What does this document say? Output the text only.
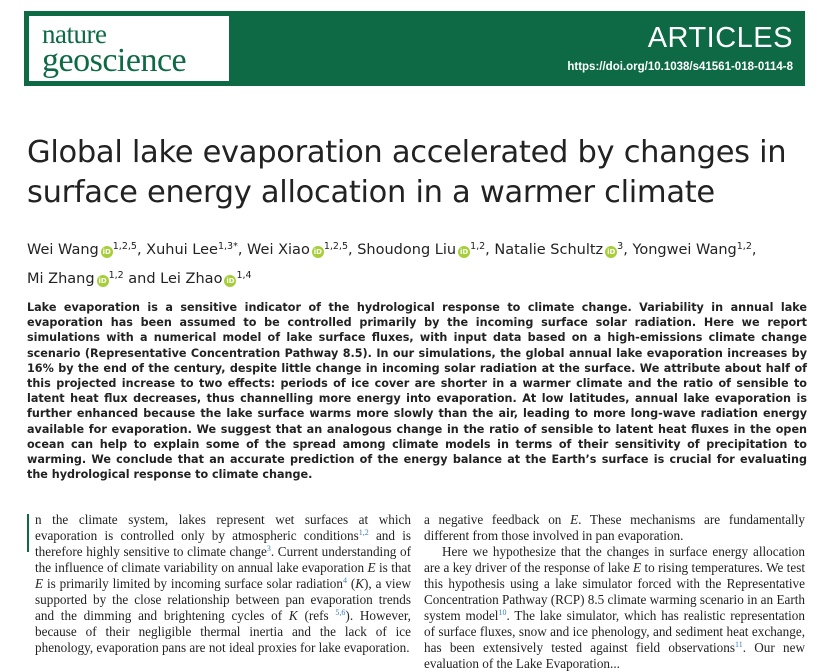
nature
geoscience
ARTICLES
https://doi.org/10.1038/s41561-018-0114-8
Global lake evaporation accelerated by changes in
surface energy allocation in a warmer climate
Wei Wang iD $^{1,2,5}$, Xuhui Lee$^{1,3*}$, Wei Xiao iD $^{1,2,5}$, Shoudong Liu iD $^{1,2}$, Natalie Schultz iD $^3$, Yongwei Wang$^{1,2}$,
Mi Zhang iD $^{1,2}$ and Lei Zhao iD $^{1,4}$

Lake evaporation is a sensitive indicator of the hydrological response to climate change. Variability in annual lake evaporation has been assumed to be controlled primarily by the incoming surface solar radiation. Here we report simulations with a numerical model of lake surface fluxes, with input data based on a high-emissions climate change scenario (Representative Concentration Pathway 8.5). In our simulations, the global annual lake evaporation increases by 16% by the end of the century, despite little change in incoming solar radiation at the surface. We attribute about half of this projected increase to two effects: periods of ice cover are shorter in a warmer climate and the ratio of sensible to latent heat flux decreases, thus channelling more energy into evaporation. At low latitudes, annual lake evaporation is further enhanced because the lake surface warms more slowly than the air, leading to more long-wave radiation energy available for evaporation. We suggest that an analogous change in the ratio of sensible to latent heat fluxes in the open ocean can help to explain some of the spread among climate models in terms of their sensitivity of precipitation to warming. We conclude that an accurate prediction of the energy balance at the Earth’s surface is crucial for evaluating the hydrological response to climate change.

n the climate system, lakes represent wet surfaces at which evaporation is controlled only by atmospheric conditions$^{1,2}$ and is therefore highly sensitive to climate change$^3$. Current understanding of the influence of climate variability on annual lake evaporation E is that E is primarily limited by incoming surface solar radiation$^4$ (K), a view supported by the close relationship between pan evaporation trends and the dimming and brightening cycles of K (refs $^{5,6}$). However, because of their negligible thermal inertia and the lack of ice phenology, evaporation pans are not ideal proxies for lake evaporation.

a negative feedback on E. These mechanisms are fundamentally different from those involved in pan evaporation.

Here we hypothesize that the changes in surface energy allocation are a key driver of the response of lake E to rising temperatures. We test this hypothesis using a lake simulator forced with the Representative Concentration Pathway (RCP) 8.5 climate warming scenario in an Earth system model$^{10}$. The lake simulator, which has realistic representation of surface fluxes, snow and ice phenology, and sediment heat exchange, has been extensively tested against field observations$^{11}$. Our new evaluation of the Lake Evaporation...
